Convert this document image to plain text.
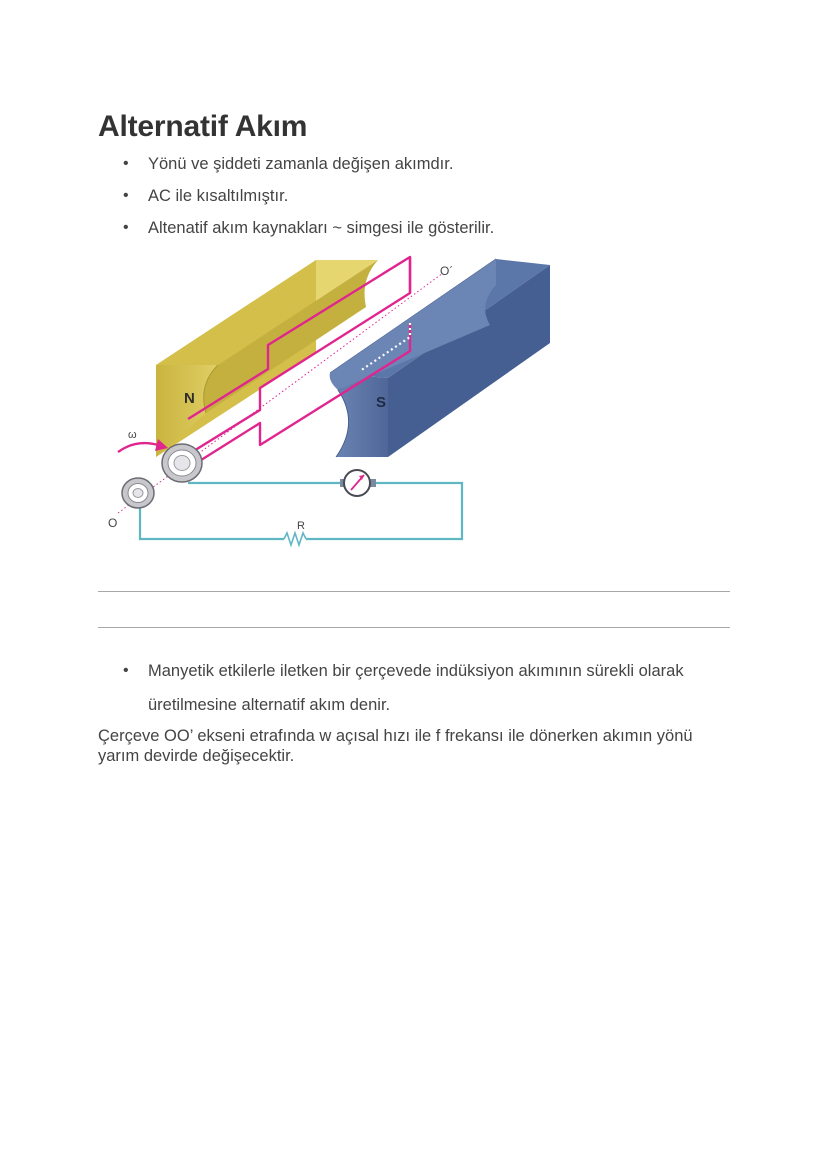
Alternatif Akım
• Yönü ve şiddeti zamanla değişen akımdır.
• AC ile kısaltılmıştır.
• Altenatif akım kaynakları ~ simgesi ile gösterilir.
N	S
ω
O
O´
R
• Manyetik etkilerle iletken bir çerçevede indüksiyon akımının sürekli olarak
üretilmesine alternatif akım denir.

Çerçeve OO’ ekseni etrafında w açısal hızı ile f frekansı ile dönerken akımın yönü yarım devirde değişecektir.
